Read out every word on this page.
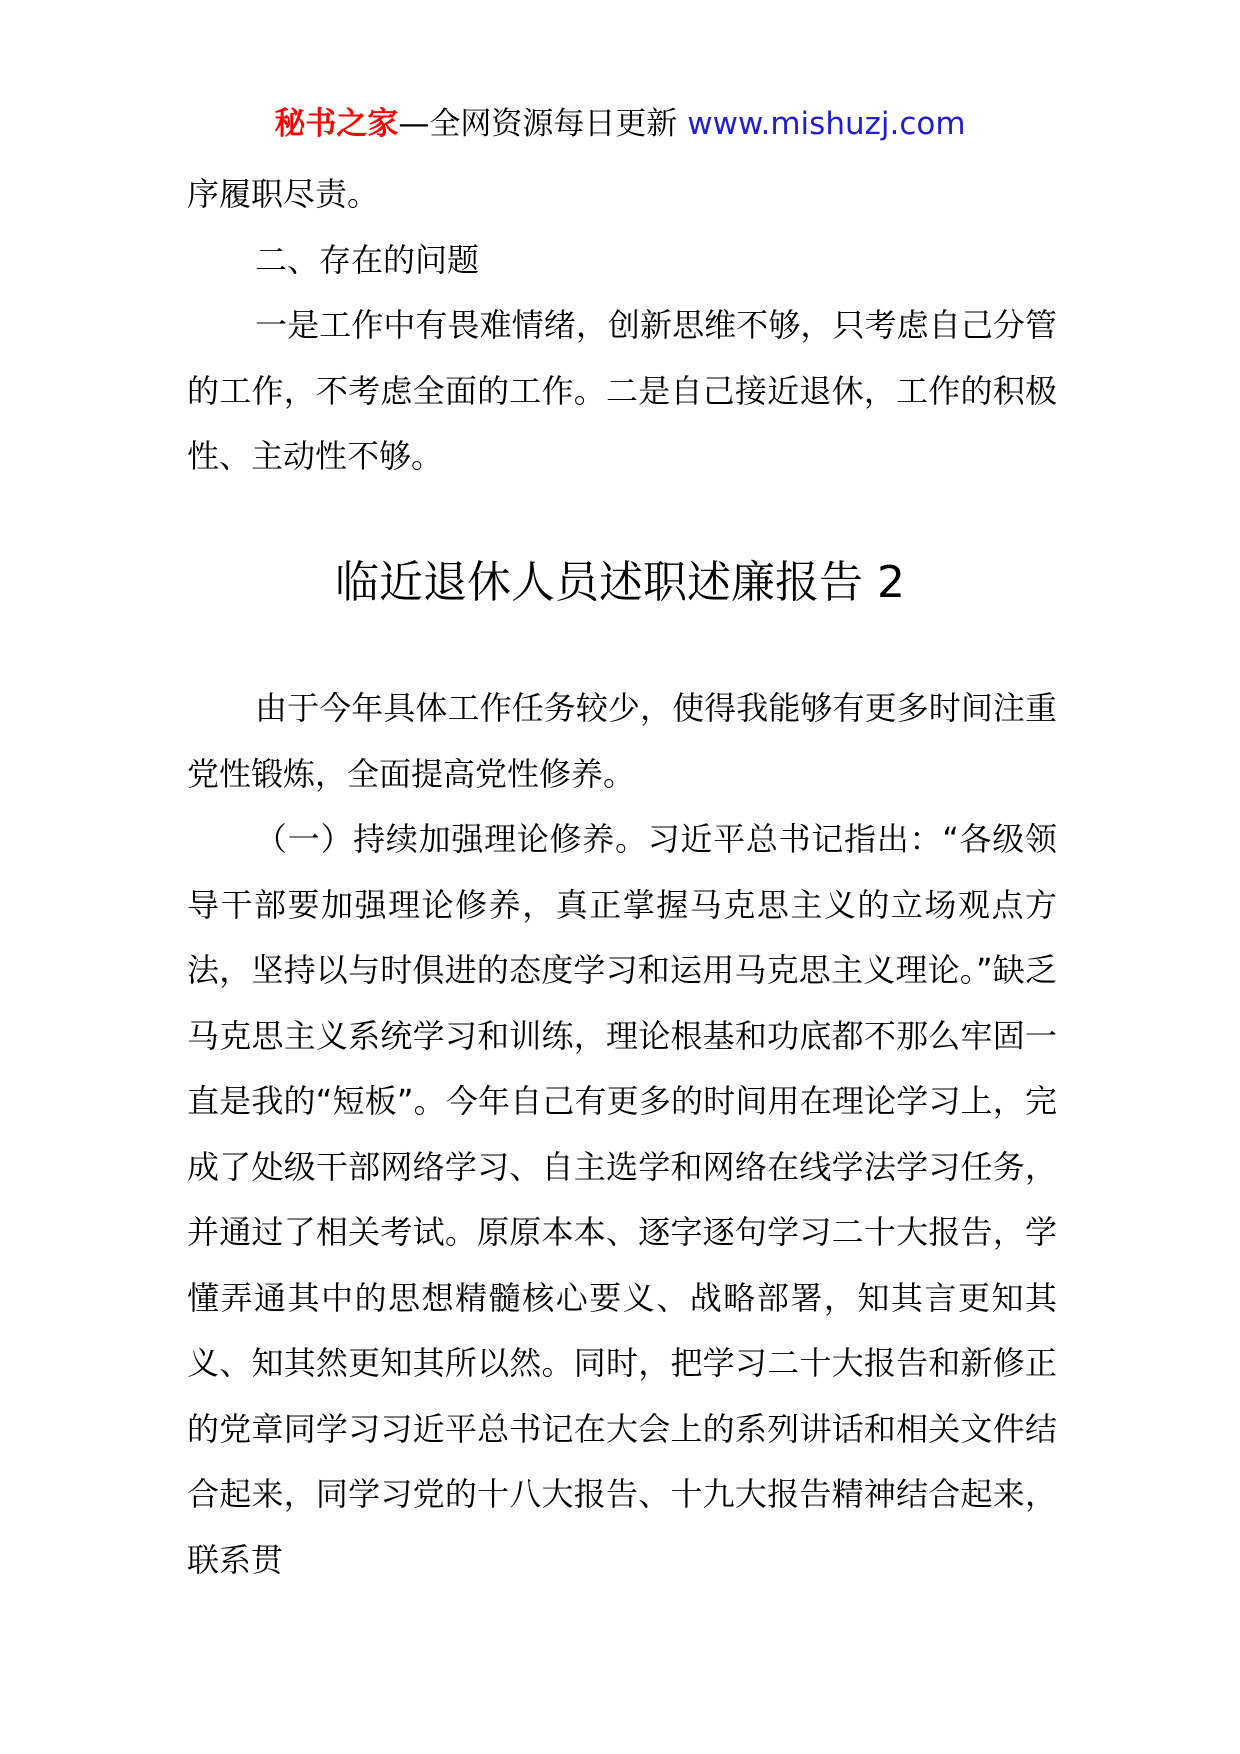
秘书之家—全网资源每日更新 www.mishuzj.com

序履职尽责。

二、存在的问题

一是工作中有畏难情绪，创新思维不够，只考虑自己分管的工作，不考虑全面的工作。二是自己接近退休，工作的积极性、主动性不够。

临近退休人员述职述廉报告 2

由于今年具体工作任务较少，使得我能够有更多时间注重党性锻炼，全面提高党性修养。

（一）持续加强理论修养。习近平总书记指出：“各级领导干部要加强理论修养，真正掌握马克思主义的立场观点方法，坚持以与时俱进的态度学习和运用马克思主义理论。”缺乏马克思主义系统学习和训练，理论根基和功底都不那么牢固一直是我的“短板”。今年自己有更多的时间用在理论学习上，完成了处级干部网络学习、自主选学和网络在线学法学习任务，并通过了相关考试。原原本本、逐字逐句学习二十大报告，学懂弄通其中的思想精髓核心要义、战略部署，知其言更知其义、知其然更知其所以然。同时，把学习二十大报告和新修正的党章同学习习近平总书记在大会上的系列讲话和相关文件结合起来，同学习党的十八大报告、十九大报告精神结合起来，联系贯
